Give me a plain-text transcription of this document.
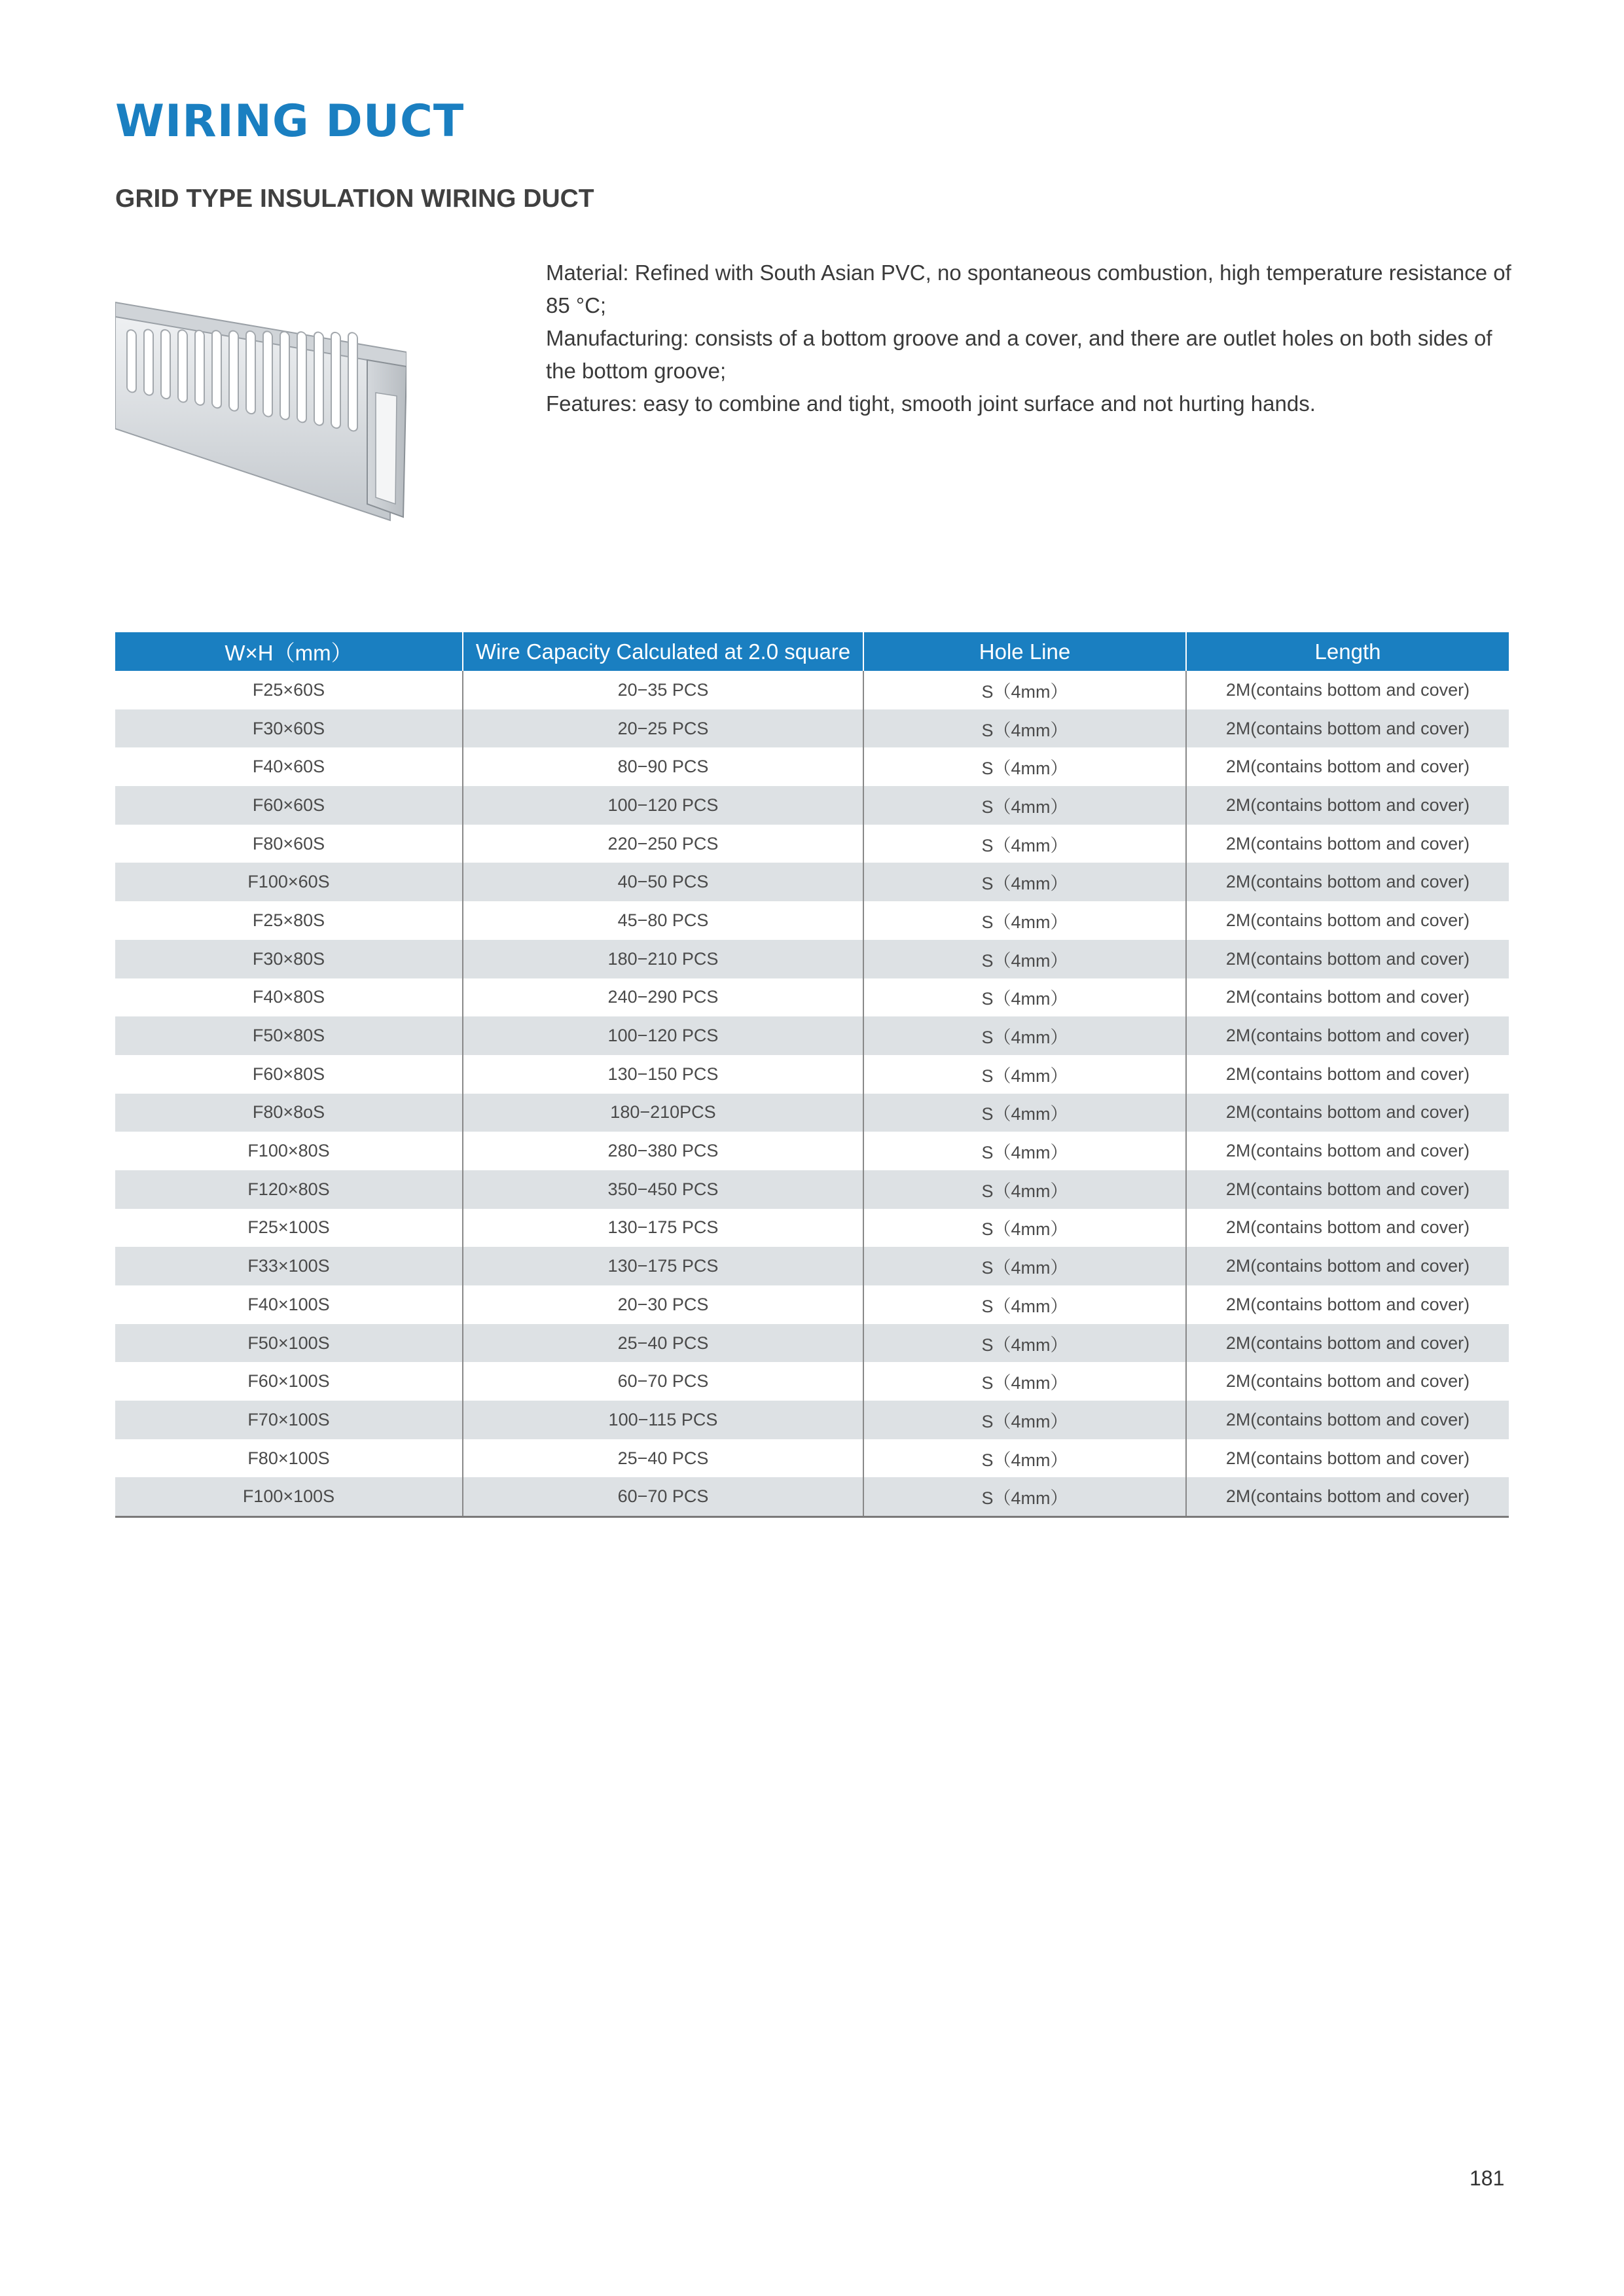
WIRING DUCT
GRID TYPE INSULATION WIRING DUCT

Material: Refined with South Asian PVC, no spontaneous combustion, high temperature resistance of 85 °C;

Manufacturing: consists of a bottom groove and a cover, and there are outlet holes on both sides of the bottom groove;

Features: easy to combine and tight, smooth joint surface and not hurting hands.

W×H（mm）	Wire Capacity Calculated at 2.0 square	Hole Line	Length
F25×60S	20−35 PCS	S（4mm）	2M(contains bottom and cover)
F30×60S	20−25 PCS	S（4mm）	2M(contains bottom and cover)
F40×60S	80−90 PCS	S（4mm）	2M(contains bottom and cover)
F60×60S	100−120 PCS	S（4mm）	2M(contains bottom and cover)
F80×60S	220−250 PCS	S（4mm）	2M(contains bottom and cover)
F100×60S	40−50 PCS	S（4mm）	2M(contains bottom and cover)
F25×80S	45−80 PCS	S（4mm）	2M(contains bottom and cover)
F30×80S	180−210 PCS	S（4mm）	2M(contains bottom and cover)
F40×80S	240−290 PCS	S（4mm）	2M(contains bottom and cover)
F50×80S	100−120 PCS	S（4mm）	2M(contains bottom and cover)
F60×80S	130−150 PCS	S（4mm）	2M(contains bottom and cover)
F80×8oS	180−210PCS	S（4mm）	2M(contains bottom and cover)
F100×80S	280−380 PCS	S（4mm）	2M(contains bottom and cover)
F120×80S	350−450 PCS	S（4mm）	2M(contains bottom and cover)
F25×100S	130−175 PCS	S（4mm）	2M(contains bottom and cover)
F33×100S	130−175 PCS	S（4mm）	2M(contains bottom and cover)
F40×100S	20−30 PCS	S（4mm）	2M(contains bottom and cover)
F50×100S	25−40 PCS	S（4mm）	2M(contains bottom and cover)
F60×100S	60−70 PCS	S（4mm）	2M(contains bottom and cover)
F70×100S	100−115 PCS	S（4mm）	2M(contains bottom and cover)
F80×100S	25−40 PCS	S（4mm）	2M(contains bottom and cover)
F100×100S	60−70 PCS	S（4mm）	2M(contains bottom and cover)
181
